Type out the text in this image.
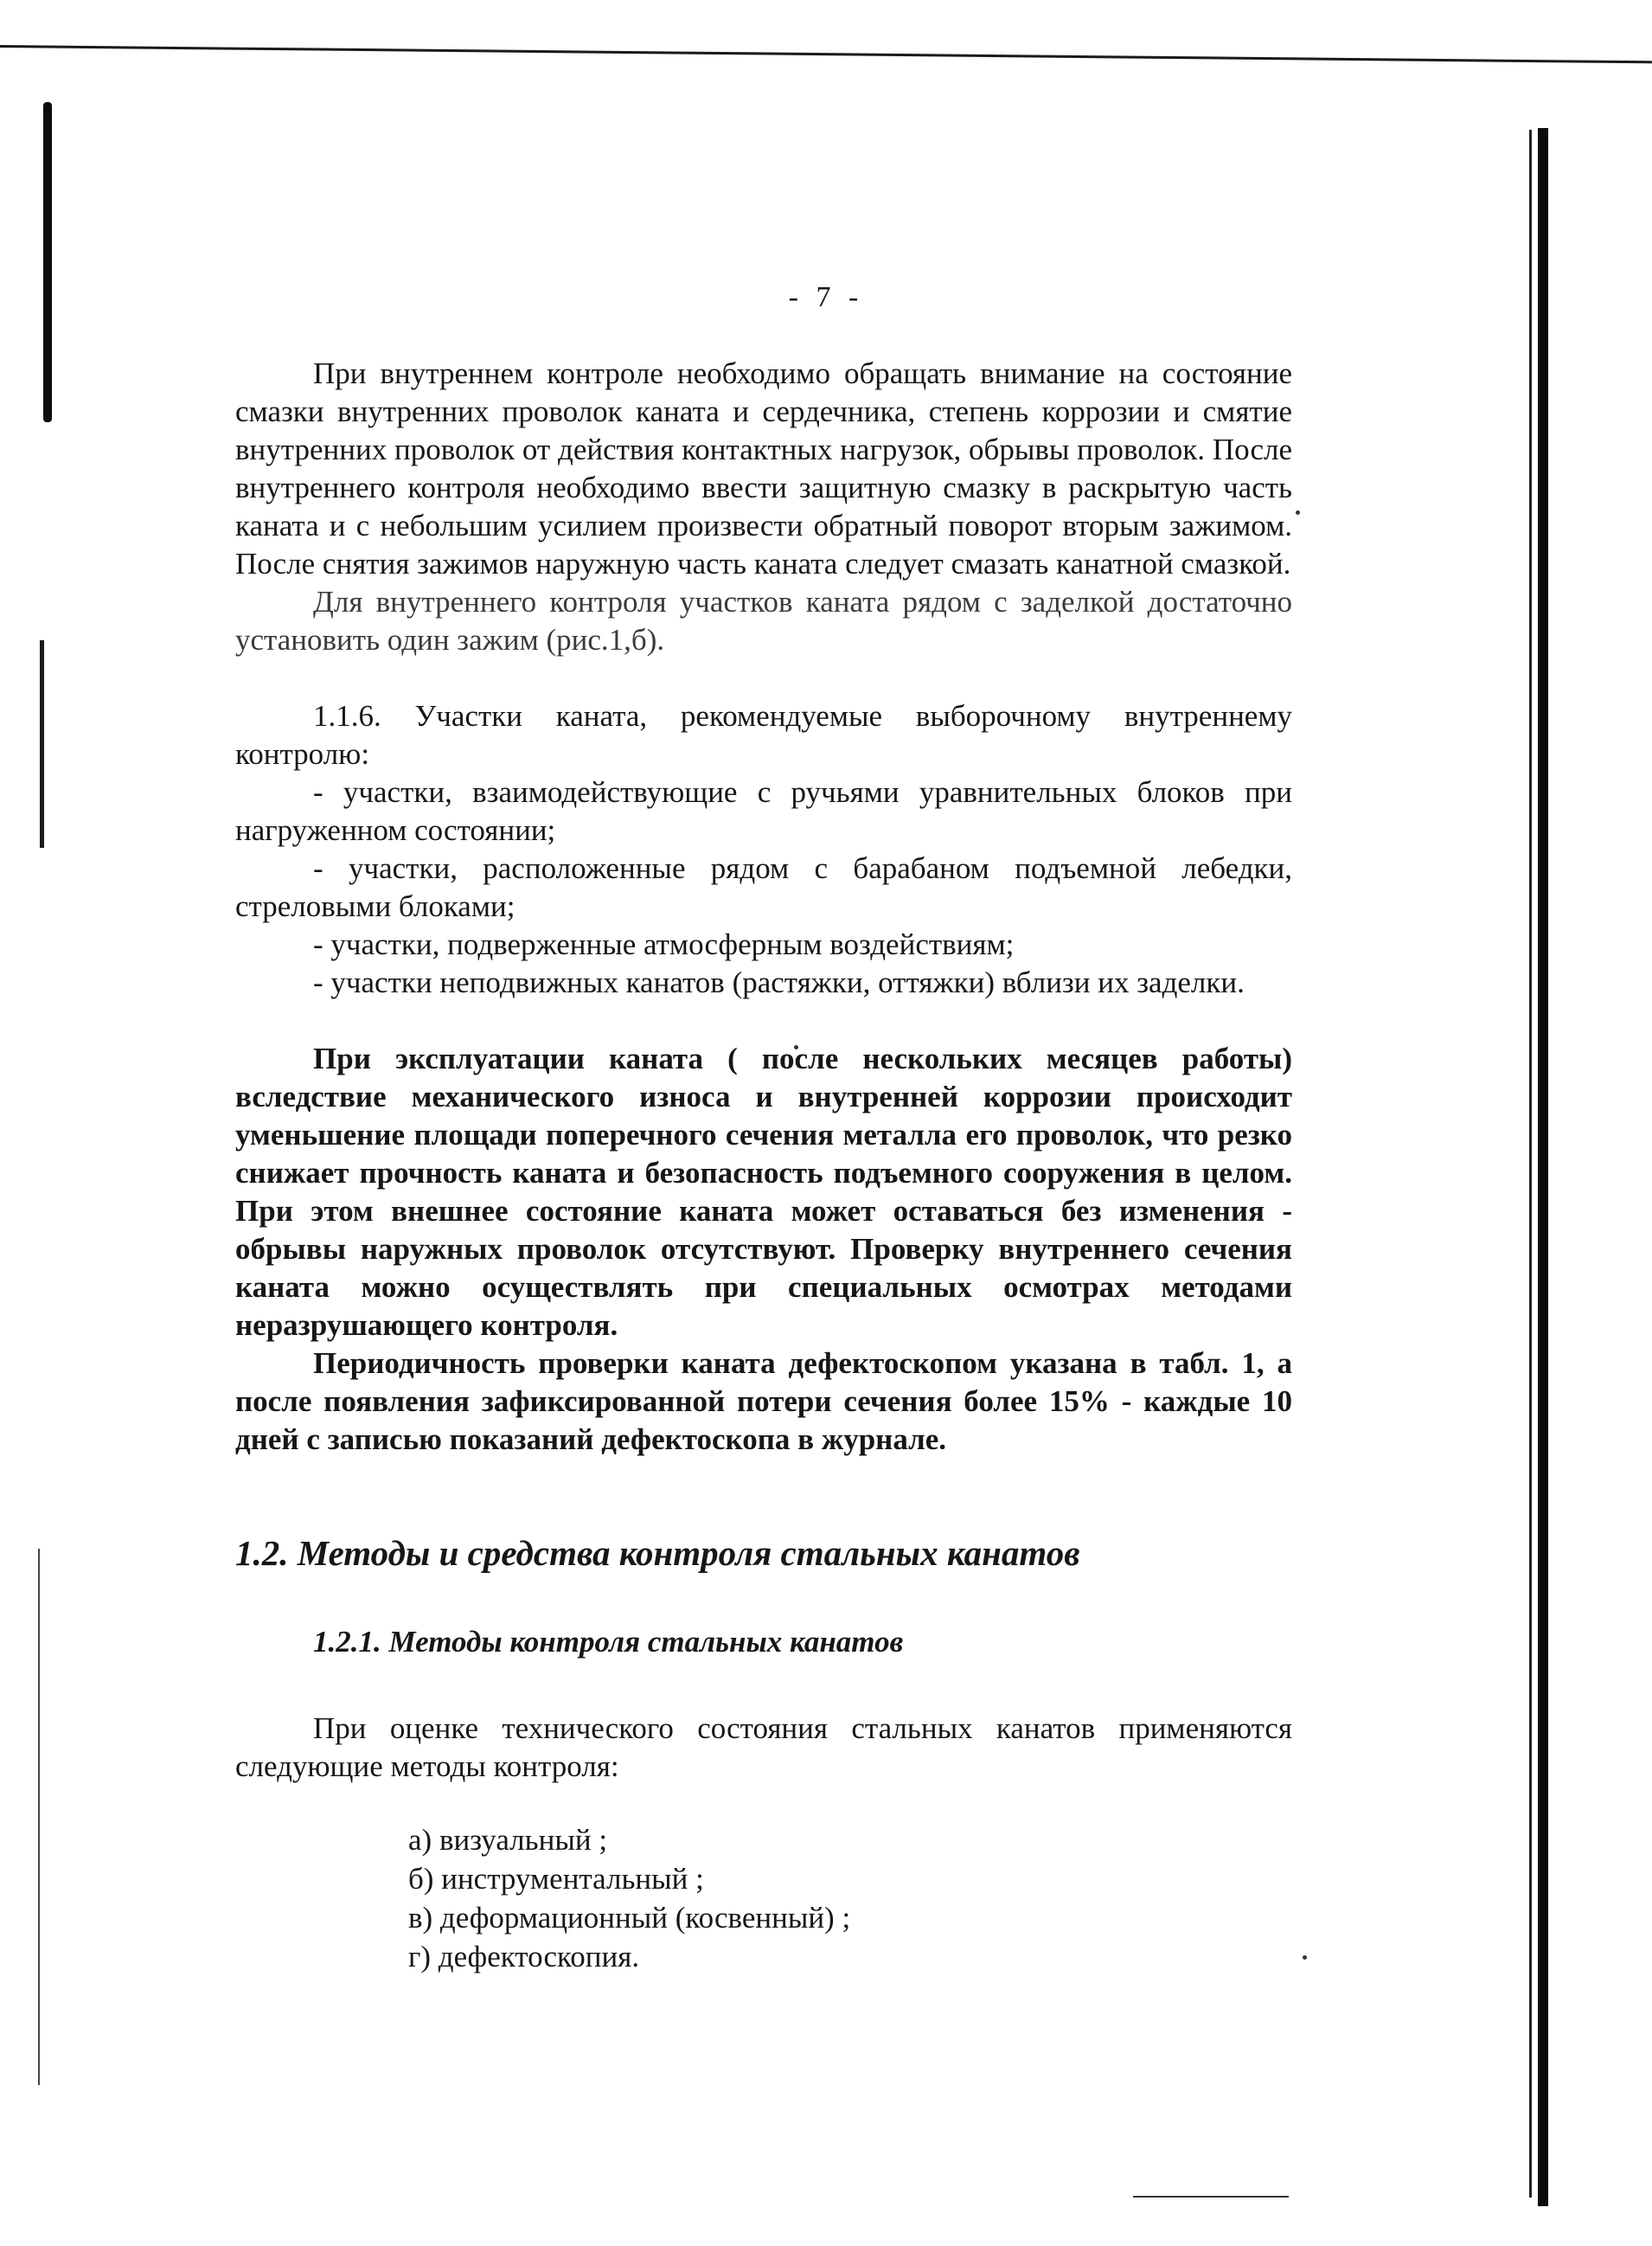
- 7 -

При внутреннем контроле необходимо обращать внимание на состояние смазки внутренних проволок каната и сердечника, степень коррозии и смятие внутренних проволок от действия контактных нагрузок, обрывы проволок. После внутреннего контроля необходимо ввести защитную смазку в раскрытую часть каната и с небольшим усилием произвести обратный поворот вторым зажимом. После снятия зажимов наружную часть каната следует смазать канатной смазкой.

Для внутреннего контроля участков каната рядом с заделкой достаточно установить один зажим (рис.1,б).

1.1.6. Участки каната, рекомендуемые выборочному внутреннему контролю:

- участки, взаимодействующие с ручьями уравнительных блоков при нагруженном состоянии;

- участки, расположенные рядом с барабаном подъемной лебедки, стреловыми блоками;

- участки, подверженные атмосферным воздействиям;

- участки неподвижных канатов (растяжки, оттяжки) вблизи их заделки.

При эксплуатации каната ( после нескольких месяцев работы) вследствие механического износа и внутренней коррозии происходит уменьшение площади поперечного сечения металла его проволок, что резко снижает прочность каната и безопасность подъемного сооружения в целом. При этом внешнее состояние каната может оставаться без изменения - обрывы наружных проволок отсутствуют. Проверку внутреннего сечения каната можно осуществлять при специальных осмотрах методами неразрушающего контроля.

Периодичность проверки каната дефектоскопом указана в табл. 1, а после появления зафиксированной потери сечения более 15% - каждые 10 дней с записью показаний дефектоскопа в журнале.

1.2. Методы и средства контроля стальных канатов
1.2.1. Методы контроля стальных канатов

При оценке технического состояния стальных канатов применяются следующие методы контроля:

а) визуальный ;
б) инструментальный ;
в) деформационный (косвенный) ;
г) дефектоскопия.
